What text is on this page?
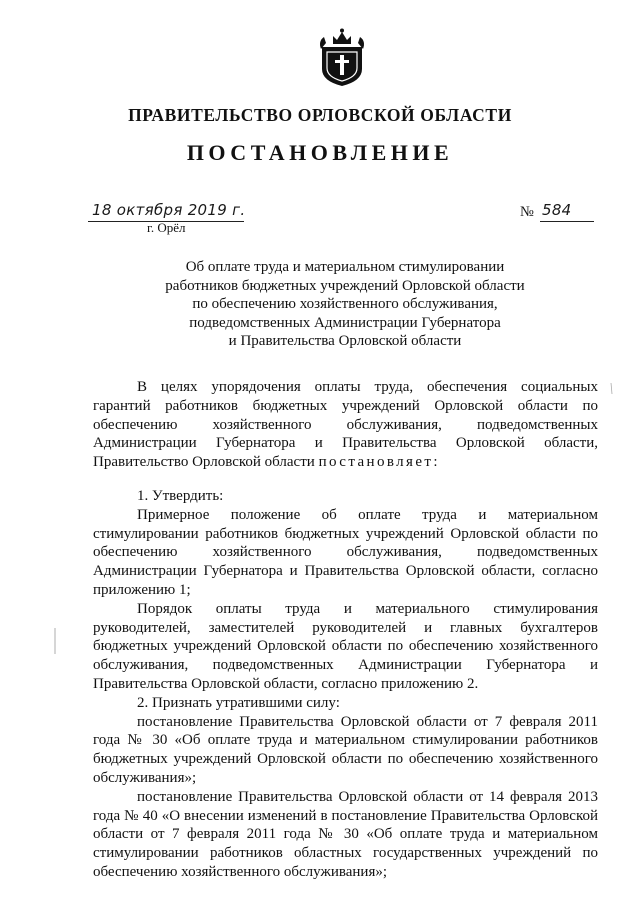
ПРАВИТЕЛЬСТВО ОРЛОВСКОЙ ОБЛАСТИ
ПОСТАНОВЛЕНИЕ
18 октября 2019 г.
г. Орёл
№ 584
Об оплате труда и материальном стимулировании
работников бюджетных учреждений Орловской области
по обеспечению хозяйственного обслуживания,
подведомственных Администрации Губернатора
и Правительства Орловской области

В целях упорядочения оплаты труда, обеспечения социальных гарантий работников бюджетных учреждений Орловской области по обеспечению хозяйственного обслуживания, подведомственных Администрации Губернатора и Правительства Орловской области, Правительство Орловской области постановляет:

1. Утвердить:

Примерное положение об оплате труда и материальном стимулировании работников бюджетных учреждений Орловской области по обеспечению хозяйственного обслуживания, подведомственных Администрации Губернатора и Правительства Орловской области, согласно приложению 1;

Порядок оплаты труда и материального стимулирования руководителей, заместителей руководителей и главных бухгалтеров бюджетных учреждений Орловской области по обеспечению хозяйственного обслуживания, подведомственных Администрации Губернатора и Правительства Орловской области, согласно приложению 2.

2. Признать утратившими силу:

постановление Правительства Орловской области от 7 февраля 2011 года № 30 «Об оплате труда и материальном стимулировании работников бюджетных учреждений Орловской области по обеспечению хозяйственного обслуживания»;

постановление Правительства Орловской области от 14 февраля 2013 года № 40 «О внесении изменений в постановление Правительства Орловской области от 7 февраля 2011 года № 30 «Об оплате труда и материальном стимулировании работников областных государственных учреждений по обеспечению хозяйственного обслуживания»;
